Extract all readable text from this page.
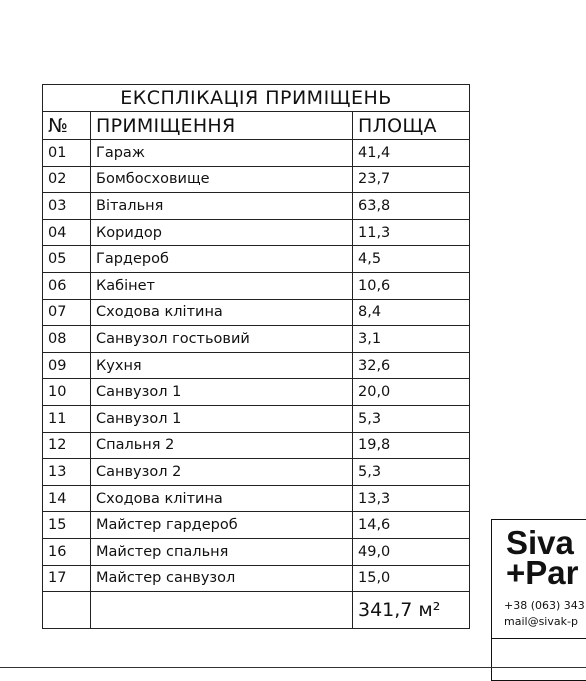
ЕКСПЛІКАЦІЯ ПРИМІЩЕНЬ		
№	ПРИМІЩЕННЯ	ПЛОЩА
01	Гараж	41,4
02	Бомбосховище	23,7
03	Вітальня	63,8
04	Коридор	11,3
05	Гардероб	4,5
06	Кабінет	10,6
07	Сходова клітина	8,4
08	Санвузол гостьовий	3,1
09	Кухня	32,6
10	Санвузол 1	20,0
11	Санвузол 1	5,3
12	Спальня 2	19,8
13	Санвузол 2	5,3
14	Сходова клітина	13,3
15	Майстер гардероб	14,6
16	Майстер спальня	49,0
17	Майстер санвузол	15,0
		341,7 м²
Siva
+Par
+38 (063) 343
mail@sivak-p
